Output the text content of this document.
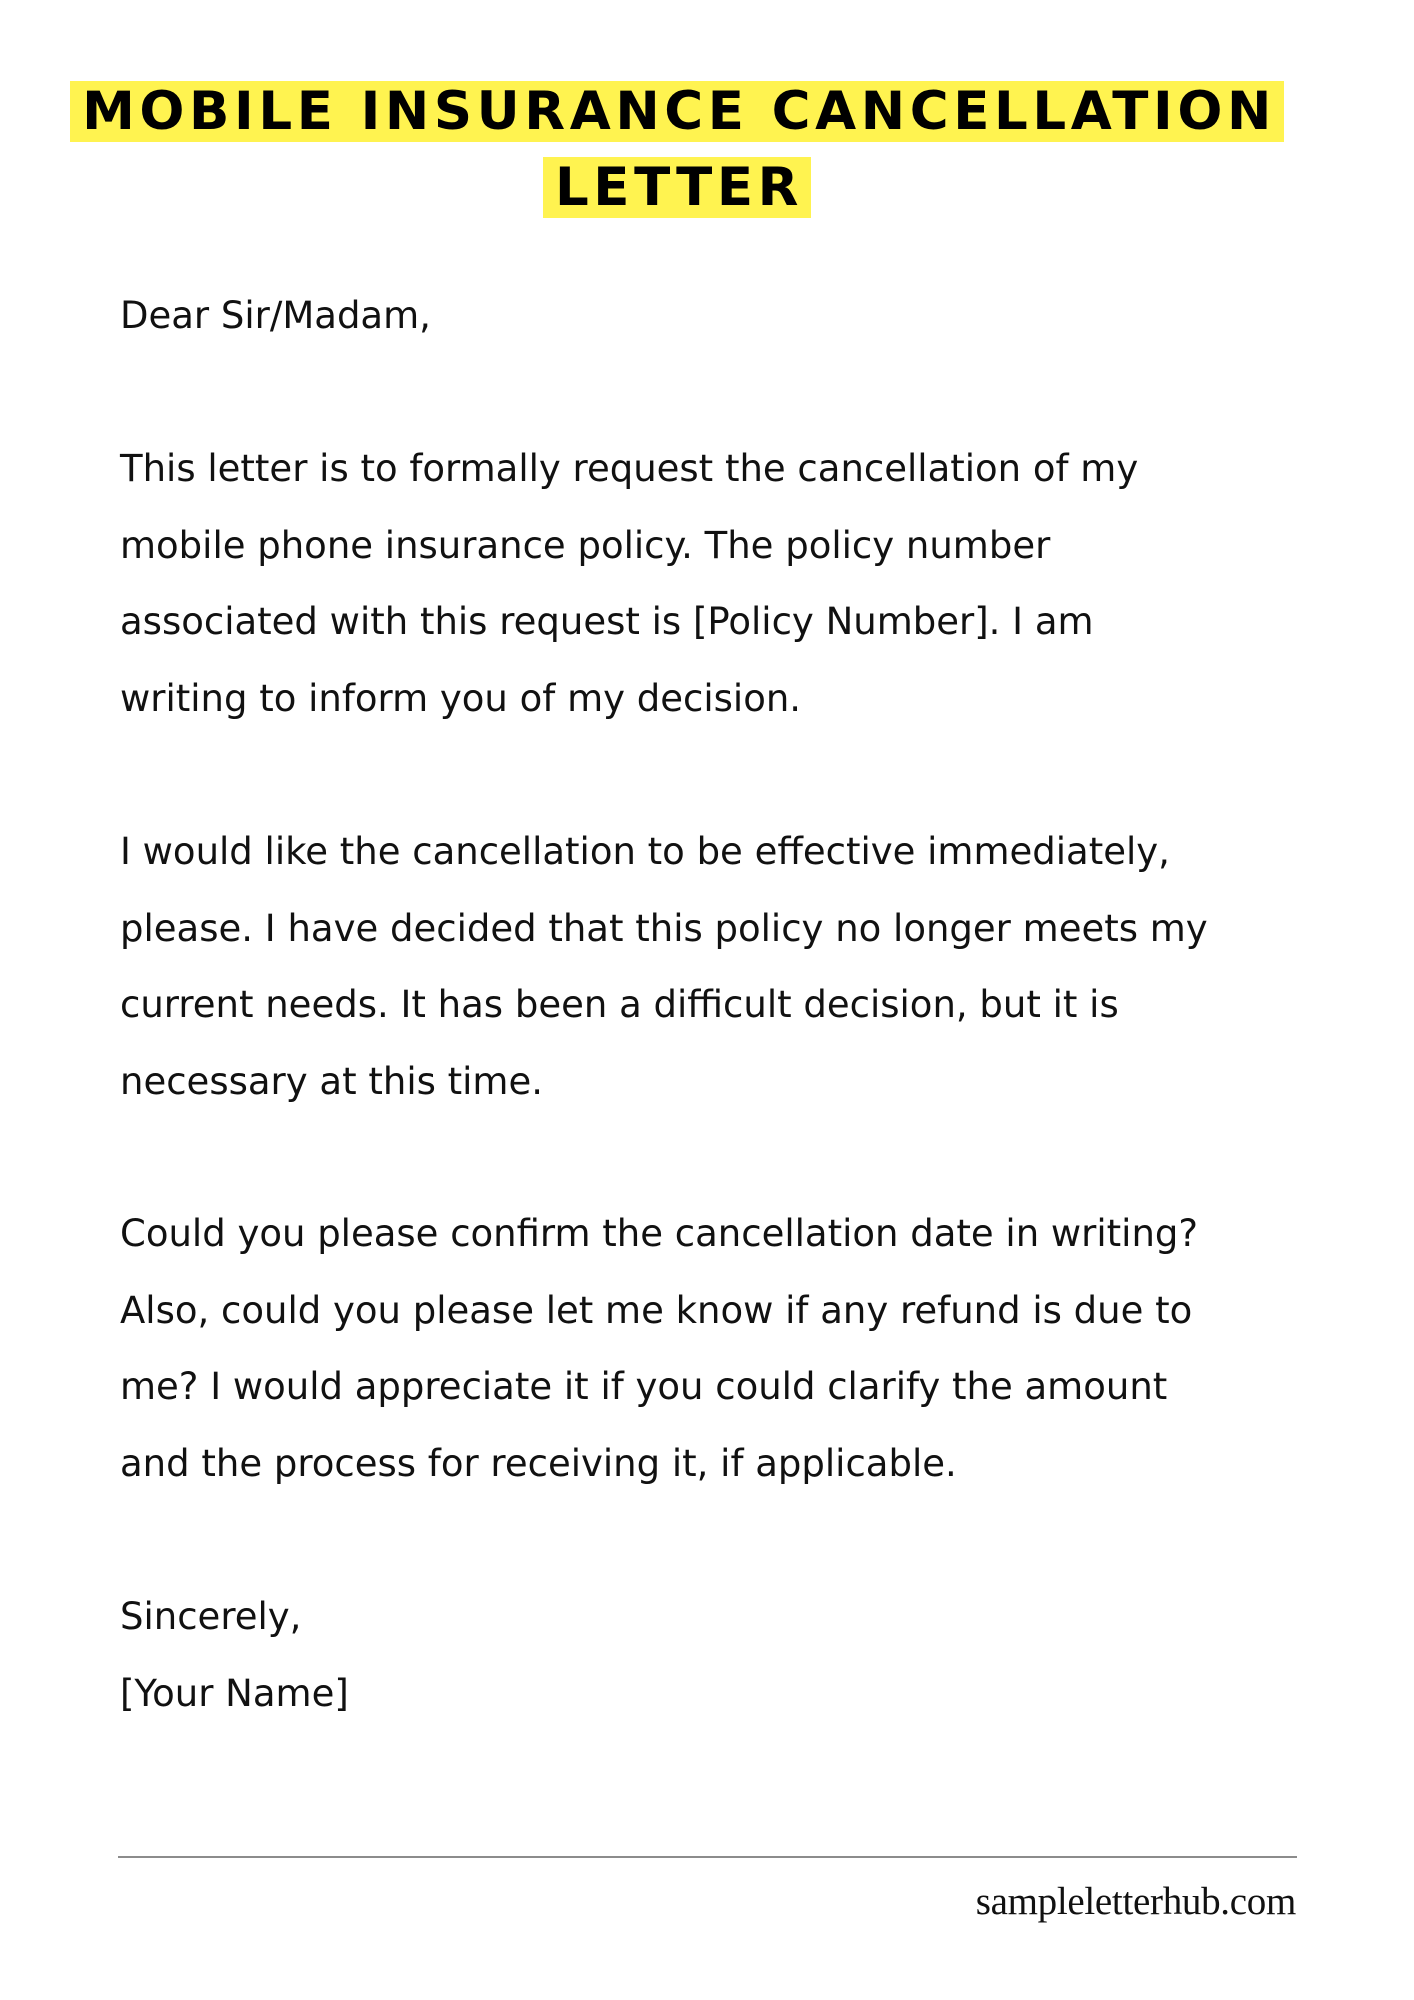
MOBILE INSURANCE CANCELLATION
LETTER
Dear Sir/Madam,
This letter is to formally request the cancellation of my
mobile phone insurance policy. The policy number
associated with this request is [Policy Number]. I am
writing to inform you of my decision.
I would like the cancellation to be effective immediately,
please. I have decided that this policy no longer meets my
current needs. It has been a difficult decision, but it is
necessary at this time.
Could you please confirm the cancellation date in writing?
Also, could you please let me know if any refund is due to
me? I would appreciate it if you could clarify the amount
and the process for receiving it, if applicable.
Sincerely,
[Your Name]
sampleletterhub.com
